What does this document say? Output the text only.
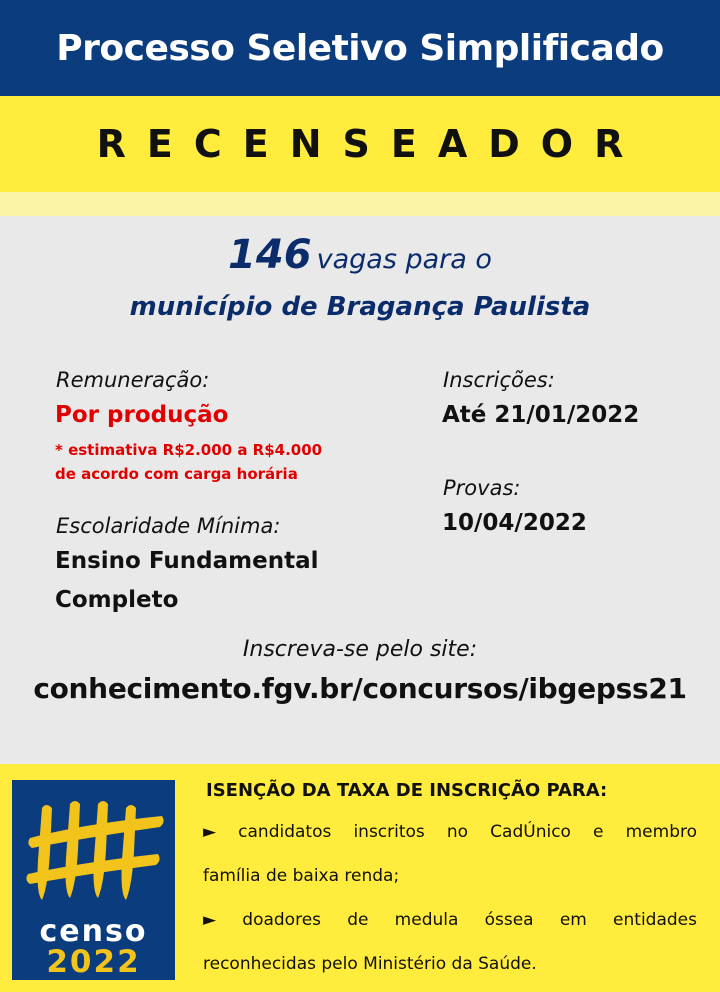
Processo Seletivo Simplificado
RECENSEADOR
146 vagas para o
município de Bragança Paulista
Remuneração:
Por produção
* estimativa R$2.000 a R$4.000
de acordo com carga horária
Escolaridade Mínima:
Ensino Fundamental
Completo
Inscrições:
Até 21/01/2022
Provas:
10/04/2022
Inscreva-se pelo site:
conhecimento.fgv.br/concursos/ibgepss21
censo
2022
ISENÇÃO DA TAXA DE INSCRIÇÃO PARA:
► candidatos inscritos no CadÚnico e membro
família de baixa renda;
► doadores de medula óssea em entidades
reconhecidas pelo Ministério da Saúde.
